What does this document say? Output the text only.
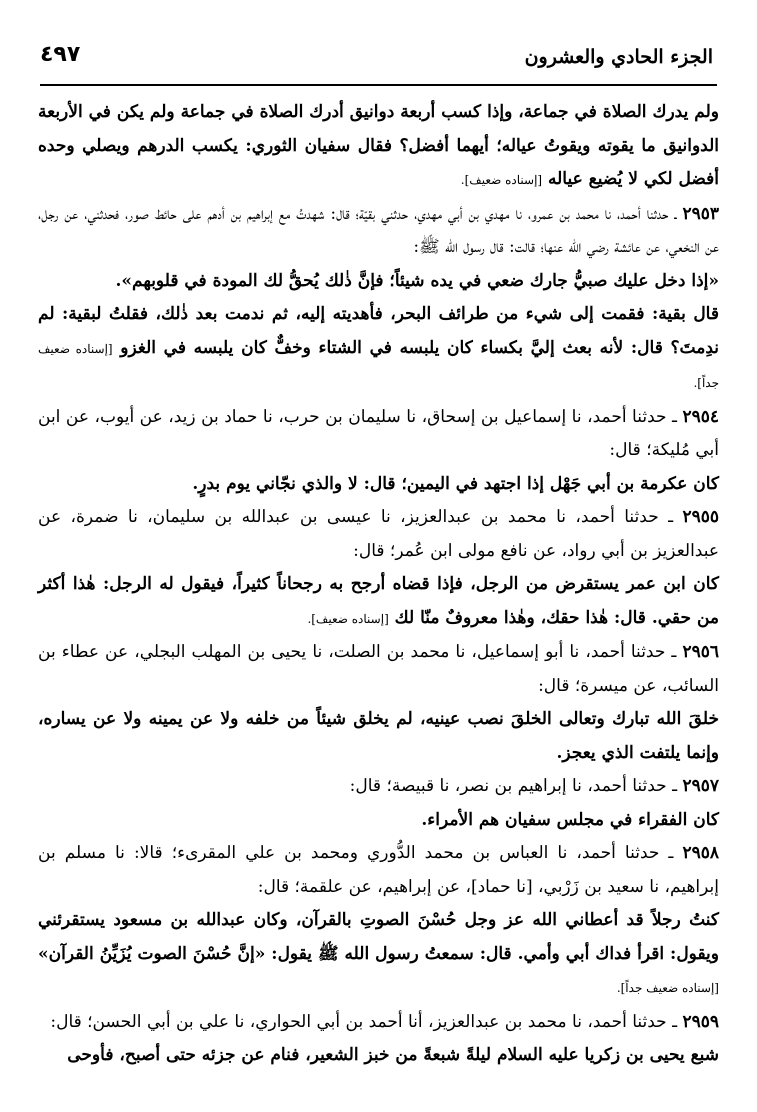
الجزء الحادي والعشرون
٤٩٧

ولم يدرك الصلاة في جماعة، وإذا كسب أربعة دوانيق أدرك الصلاة في جماعة ولم يكن في الأربعة الدوانيق ما يقوته ويقوتُ عياله؛ أيهما أفضل؟ فقال سفيان الثوري: يكسب الدرهم ويصلي وحده أفضل لكي لا يُضيع عياله [إسناده ضعيف].

٢٩٥٣ ـ حدثنا أحمد، نا محمد بن عمرو، نا مهدي بن أبي مهدي، حدثني بقيّة؛ قال: شهدتُ مع إبراهيم بن أدهم على حائط صور، فحدثني، عن رجل، عن النخعي، عن عائشة رضي الله عنها؛ قالت: قال رسول الله ﷺ:

«إذا دخل عليك صبيُّ جارك ضعي في يده شيئاً؛ فإنَّ ذٰلك يُحقُّ لك المودة في قلوبهم».

قال بقية: فقمت إلى شيء من طرائف البحر، فأهديته إليه، ثم ندمت بعد ذٰلك، فقلتُ لبقية: لم ندِمتَ؟ قال: لأنه بعث إليَّ بكساء كان يلبسه في الشتاء وخفٌّ كان يلبسه في الغزو [إسناده ضعيف جداً].

٢٩٥٤ ـ حدثنا أحمد، نا إسماعيل بن إسحاق، نا سليمان بن حرب، نا حماد بن زيد، عن أيوب، عن ابن أبي مُليكة؛ قال:

كان عكرمة بن أبي جَهْل إذا اجتهد في اليمين؛ قال: لا والذي نجّاني يوم بدرٍ.

٢٩٥٥ ـ حدثنا أحمد، نا محمد بن عبدالعزيز، نا عيسى بن عبدالله بن سليمان، نا ضمرة، عن عبدالعزيز بن أبي رواد، عن نافع مولى ابن عُمر؛ قال:

كان ابن عمر يستقرض من الرجل، فإذا قضاه أرجح به رجحاناً كثيراً، فيقول له الرجل: هٰذا أكثر من حقي. قال: هٰذا حقك، وهٰذا معروفٌ منّا لك [إسناده ضعيف].

٢٩٥٦ ـ حدثنا أحمد، نا أبو إسماعيل، نا محمد بن الصلت، نا يحيى بن المهلب البجلي، عن عطاء بن السائب، عن ميسرة؛ قال:

خلقَ الله تبارك وتعالى الخلقَ نصب عينيه، لم يخلق شيئاً من خلفه ولا عن يمينه ولا عن يساره، وإنما يلتفت الذي يعجز.

٢٩٥٧ ـ حدثنا أحمد، نا إبراهيم بن نصر، نا قبيصة؛ قال:

كان الفقراء في مجلس سفيان هم الأمراء.

٢٩٥٨ ـ حدثنا أحمد، نا العباس بن محمد الدُّوري ومحمد بن علي المقرىء؛ قالا: نا مسلم بن إبراهيم، نا سعيد بن زَرْبي، [نا حماد]، عن إبراهيم، عن علقمة؛ قال:

كنتُ رجلاً قد أعطاني الله عز وجل حُسْنَ الصوتِ بالقرآن، وكان عبدالله بن مسعود يستقرئني ويقول: اقرأ فداك أبي وأمي. قال: سمعتُ رسول الله ﷺ يقول: «إنَّ حُسْنَ الصوت يُزَيِّنُ القرآن» [إسناده ضعيف جداً].

٢٩٥٩ ـ حدثنا أحمد، نا محمد بن عبدالعزيز، أنا أحمد بن أبي الحواري، نا علي بن أبي الحسن؛ قال:

شبع يحيى بن زكريا عليه السلام ليلةً شبعةً من خبز الشعير، فنام عن جزئه حتى أصبح، فأوحى
